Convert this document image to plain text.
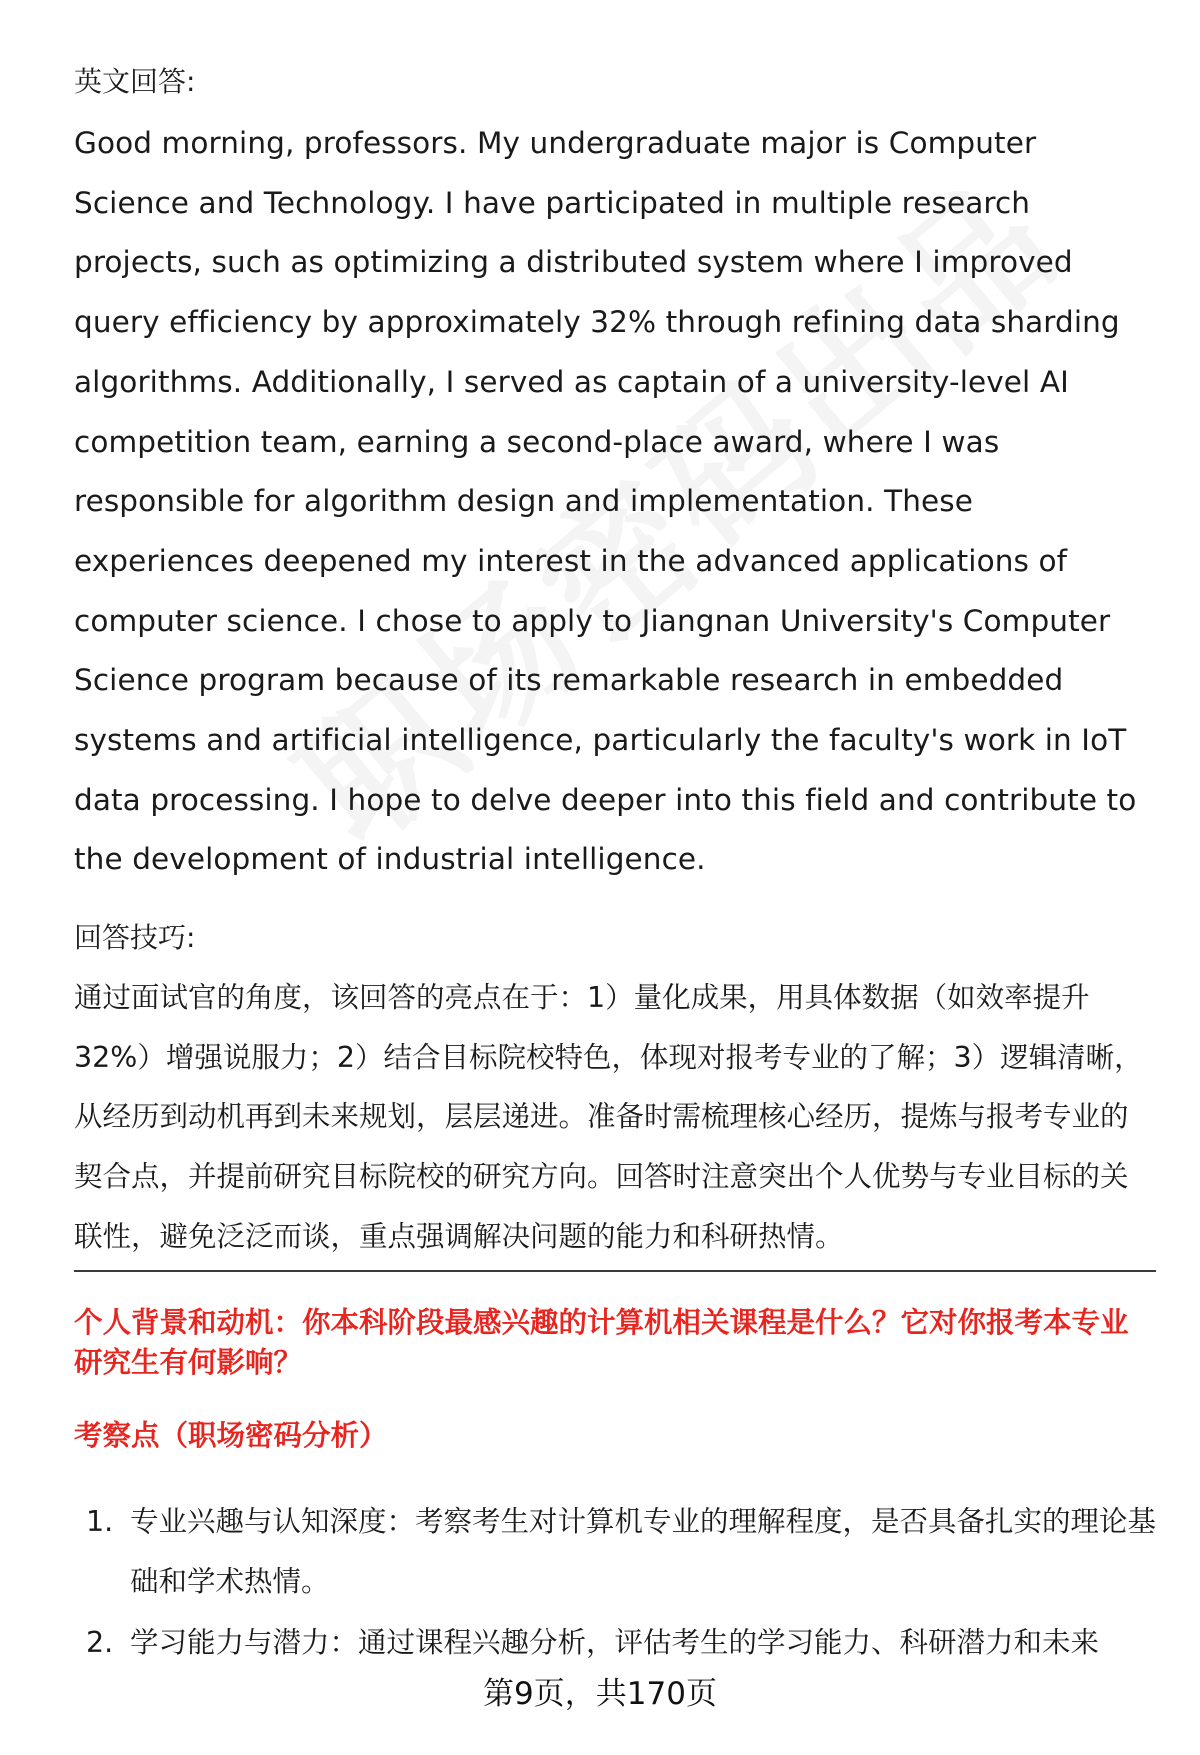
英文回答:

Good morning, professors. My undergraduate major is Computer Science and Technology. I have participated in multiple research projects, such as optimizing a distributed system where I improved query efficiency by approximately 32% through refining data sharding algorithms. Additionally, I served as captain of a university-level AI competition team, earning a second-place award, where I was responsible for algorithm design and implementation. These experiences deepened my interest in the advanced applications of computer science. I chose to apply to Jiangnan University's Computer Science program because of its remarkable research in embedded systems and artificial intelligence, particularly the faculty's work in IoT data processing. I hope to delve deeper into this field and contribute to the development of industrial intelligence.

回答技巧:

通过面试官的角度，该回答的亮点在于：1）量化成果，用具体数据（如效率提升32%）增强说服力；2）结合目标院校特色，体现对报考专业的了解；3）逻辑清晰，从经历到动机再到未来规划，层层递进。准备时需梳理核心经历，提炼与报考专业的契合点，并提前研究目标院校的研究方向。回答时注意突出个人优势与专业目标的关联性，避免泛泛而谈，重点强调解决问题的能力和科研热情。

个人背景和动机：你本科阶段最感兴趣的计算机相关课程是什么？它对你报考本专业研究生有何影响？

考察点（职场密码分析）

1. 专业兴趣与认知深度：考察考生对计算机专业的理解程度，是否具备扎实的理论基础和学术热情。
2. 学习能力与潜力：通过课程兴趣分析，评估考生的学习能力、科研潜力和未来
第9页，共170页
